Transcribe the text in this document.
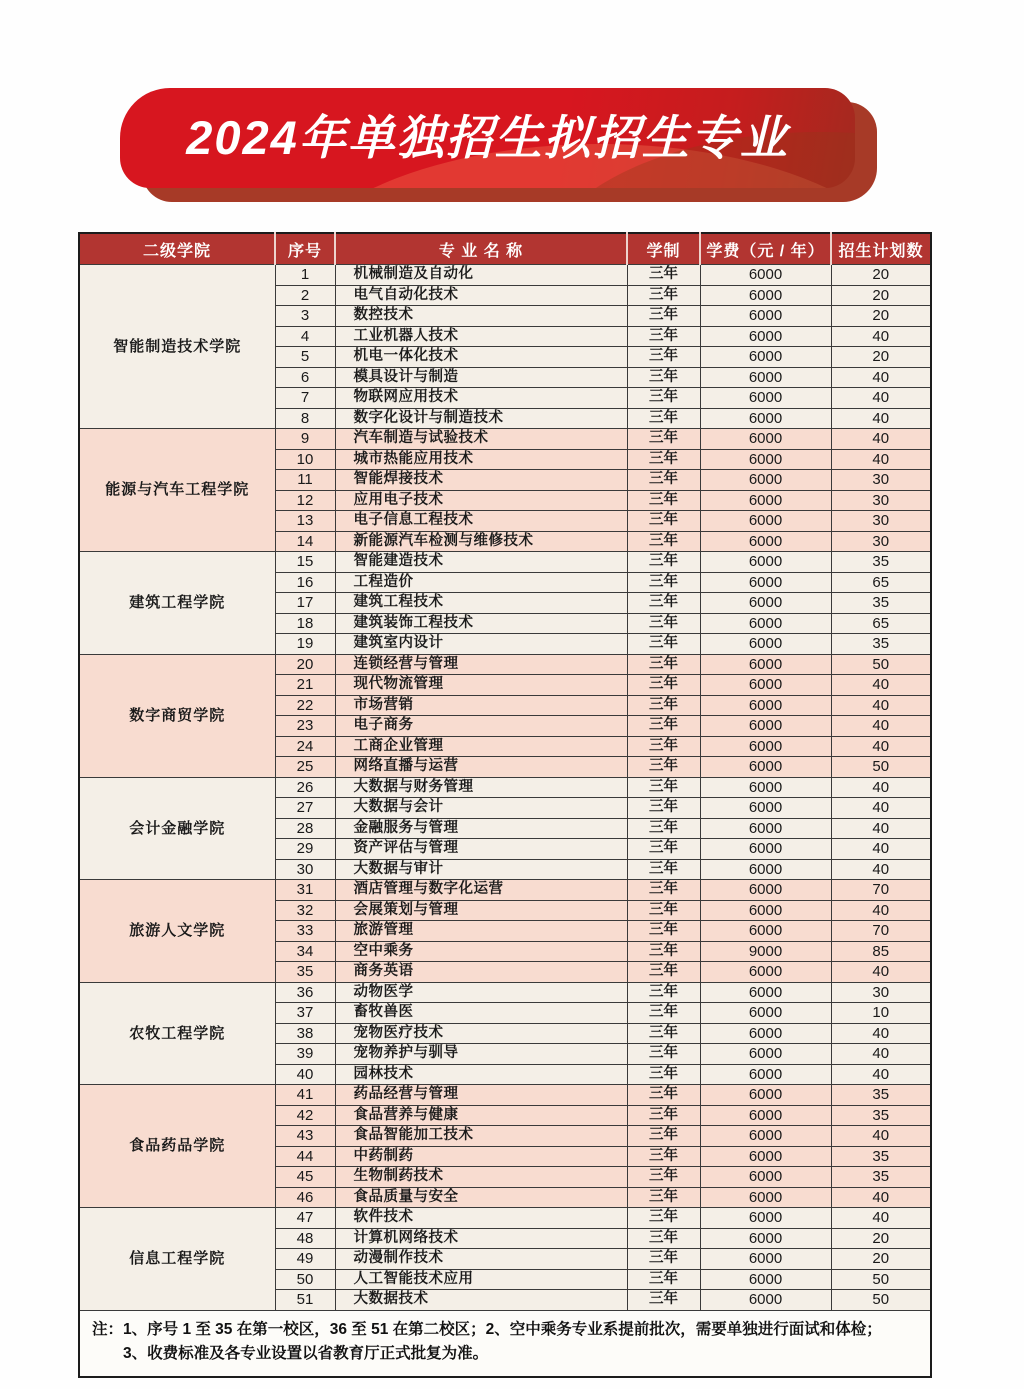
2024年单独招生拟招生专业
二级学院	序号	专 业 名 称	学制	学费（元 / 年）	招生计划数
智能制造技术学院	1	机械制造及自动化	三年	6000	20
	2	电气自动化技术	三年	6000	20
	3	数控技术	三年	6000	20
	4	工业机器人技术	三年	6000	40
	5	机电一体化技术	三年	6000	20
	6	模具设计与制造	三年	6000	40
	7	物联网应用技术	三年	6000	40
	8	数字化设计与制造技术	三年	6000	40
能源与汽车工程学院	9	汽车制造与试验技术	三年	6000	40
	10	城市热能应用技术	三年	6000	40
	11	智能焊接技术	三年	6000	30
	12	应用电子技术	三年	6000	30
	13	电子信息工程技术	三年	6000	30
	14	新能源汽车检测与维修技术	三年	6000	30
建筑工程学院	15	智能建造技术	三年	6000	35
	16	工程造价	三年	6000	65
	17	建筑工程技术	三年	6000	35
	18	建筑装饰工程技术	三年	6000	65
	19	建筑室内设计	三年	6000	35
数字商贸学院	20	连锁经营与管理	三年	6000	50
	21	现代物流管理	三年	6000	40
	22	市场营销	三年	6000	40
	23	电子商务	三年	6000	40
	24	工商企业管理	三年	6000	40
	25	网络直播与运营	三年	6000	50
会计金融学院	26	大数据与财务管理	三年	6000	40
	27	大数据与会计	三年	6000	40
	28	金融服务与管理	三年	6000	40
	29	资产评估与管理	三年	6000	40
	30	大数据与审计	三年	6000	40
旅游人文学院	31	酒店管理与数字化运营	三年	6000	70
	32	会展策划与管理	三年	6000	40
	33	旅游管理	三年	6000	70
	34	空中乘务	三年	9000	85
	35	商务英语	三年	6000	40
农牧工程学院	36	动物医学	三年	6000	30
	37	畜牧兽医	三年	6000	10
	38	宠物医疗技术	三年	6000	40
	39	宠物养护与驯导	三年	6000	40
	40	园林技术	三年	6000	40
食品药品学院	41	药品经营与管理	三年	6000	35
	42	食品营养与健康	三年	6000	35
	43	食品智能加工技术	三年	6000	40
	44	中药制药	三年	6000	35
	45	生物制药技术	三年	6000	35
	46	食品质量与安全	三年	6000	40
信息工程学院	47	软件技术	三年	6000	40
	48	计算机网络技术	三年	6000	20
	49	动漫制作技术	三年	6000	20
	50	人工智能技术应用	三年	6000	50
	51	大数据技术	三年	6000	50

注： 1、序号 1 至 35 在第一校区，36 至 51 在第二校区；2、空中乘务专业系提前批次，需要单独进行面试和体检；
3、收费标准及各专业设置以省教育厅正式批复为准。					
